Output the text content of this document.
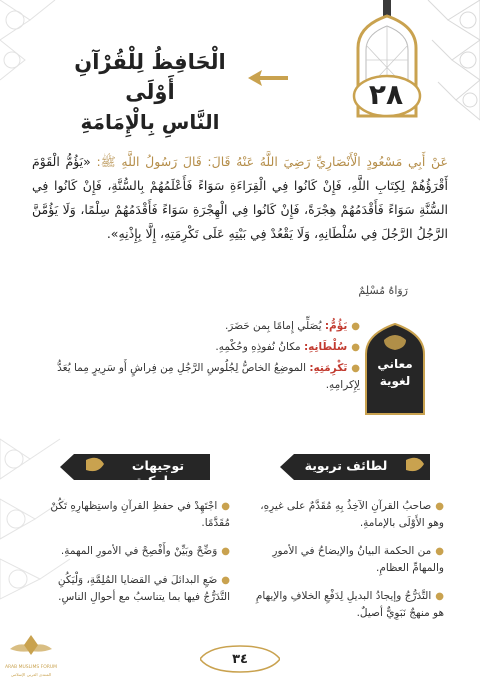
٢٨
الْحَافِظُ لِلْقُرْآنِ أَوْلَى
النَّاسِ بِالْإِمَامَةِ
عَنْ أَبِي مَسْعُودٍ الْأَنْصَارِيِّ رَضِيَ اللَّهُ عَنْهُ قَالَ: قَالَ رَسُولُ اللَّهِ ﷺ: «يَؤُمُّ الْقَوْمَ أَقْرَؤُهُمْ لِكِتَابِ اللَّهِ، فَإِنْ كَانُوا فِي الْقِرَاءَةِ سَوَاءً فَأَعْلَمُهُمْ بِالسُّنَّةِ، فَإِنْ كَانُوا فِي السُّنَّةِ سَوَاءً فَأَقْدَمُهُمْ هِجْرَةً، فَإِنْ كَانُوا فِي الْهِجْرَةِ سَوَاءً فَأَقْدَمُهُمْ سِلْمًا، وَلَا يَؤُمَّنَّ الرَّجُلُ الرَّجُلَ فِي سُلْطَانِهِ، وَلَا يَقْعُدْ فِي بَيْتِهِ عَلَى تَكْرِمَتِهِ، إِلَّا بِإِذْنِهِ».
رَوَاهُ مُسْلِمٌ
معاني
لغوية
●يَؤُمُّ: يُصَلِّي إِمامًا بِمن حَضَرَ.
●سُلْطَانِهِ: مكانُ نُفوذِهِ وحُكْمِهِ.
●تَكْرِمَتِهِ: الموضِعُ الخاصُّ لِجُلُوسِ الرَّجُلِ مِن فِراشٍ أَو سَرِيرٍ مِما يُعَدُّ لِإِكرامِهِ.
لطائف تربوية
توجيهات سلوكية
●صاحبُ القرآنِ الآخِذُ بِهِ مُقَدَّمٌ على غيرِهِ، وهو الأَوْلَى بالإمامةِ.
●من الحكمة البيانُ والإيضاحُ في الأمورِ والمهامِّ العظامِ.
●التَّدَرُّجُ وإيجادُ البديلِ لِدَفْعِ الخلافِ والإيهامِ هو منهجٌ نَبَوِيٌّ أصيلٌ.
●اجْتَهِدْ في حفظِ القرآنِ واستِظهارِهِ تَكُنْ مُقَدَّمًا.
●وَضِّحْ وبَيِّنْ وأَفْصِحْ في الأمورِ المهمةِ.
●ضَعِ البدائلَ في القضايا المُلِمَّةِ، وَلْيَكُنِ التَّدَرُّجُ فيها بما يتناسبُ مع أحوالِ الناسِ.
٣٤
ARAB MUSLIMS FORUM
المنتدى العربي الإسلامي
